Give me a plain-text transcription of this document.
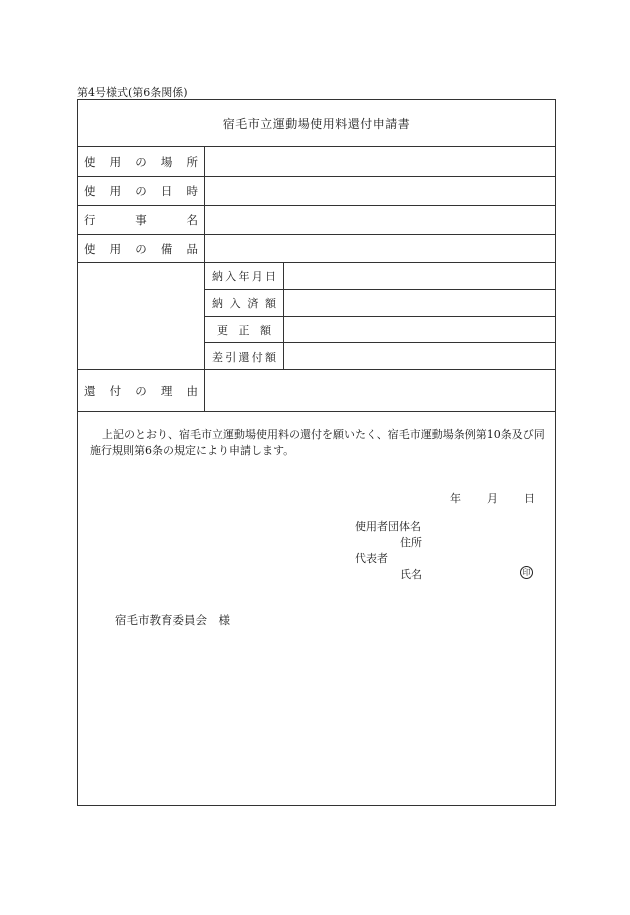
第4号様式(第6条関係)
宿毛市立運動場使用料還付申請書
使 用 の 場 所
使 用 の 日 時
行	事	名
使 用 の 備 品
納 入 年 月 日
納 入 済 額
更 正 額
差 引 還 付 額
還 付 の 理 由
上記のとおり、宿毛市立運動場使用料の還付を願いたく、宿毛市運動場条例第10条及び同施行規則第6条の規定により申請します。
年 月 日
使用者団体名
住所
代表者
氏名	印
宿毛市教育委員会　様
